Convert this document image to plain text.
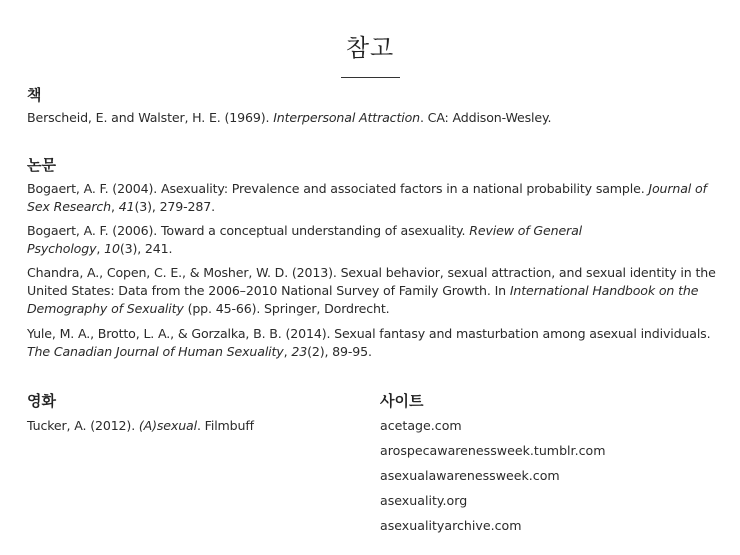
참고
책
Berscheid, E. and Walster, H. E. (1969). Interpersonal Attraction. CA: Addison-Wesley.
논문
Bogaert, A. F. (2004). Asexuality: Prevalence and associated factors in a national probability sample. Journal of Sex Research, 41(3), 279-287.
Bogaert, A. F. (2006). Toward a conceptual understanding of asexuality. Review of General Psychology, 10(3), 241.
Chandra, A., Copen, C. E., & Mosher, W. D. (2013). Sexual behavior, sexual attraction, and sexual identity in the United States: Data from the 2006–2010 National Survey of Family Growth. In International Handbook on the Demography of Sexuality (pp. 45-66). Springer, Dordrecht.
Yule, M. A., Brotto, L. A., & Gorzalka, B. B. (2014). Sexual fantasy and masturbation among asexual individuals. The Canadian Journal of Human Sexuality, 23(2), 89-95.
영화
Tucker, A. (2012). (A)sexual. Filmbuff
사이트
acetage.com
arospecawarenessweek.tumblr.com
asexualawarenessweek.com
asexuality.org
asexualityarchive.com
